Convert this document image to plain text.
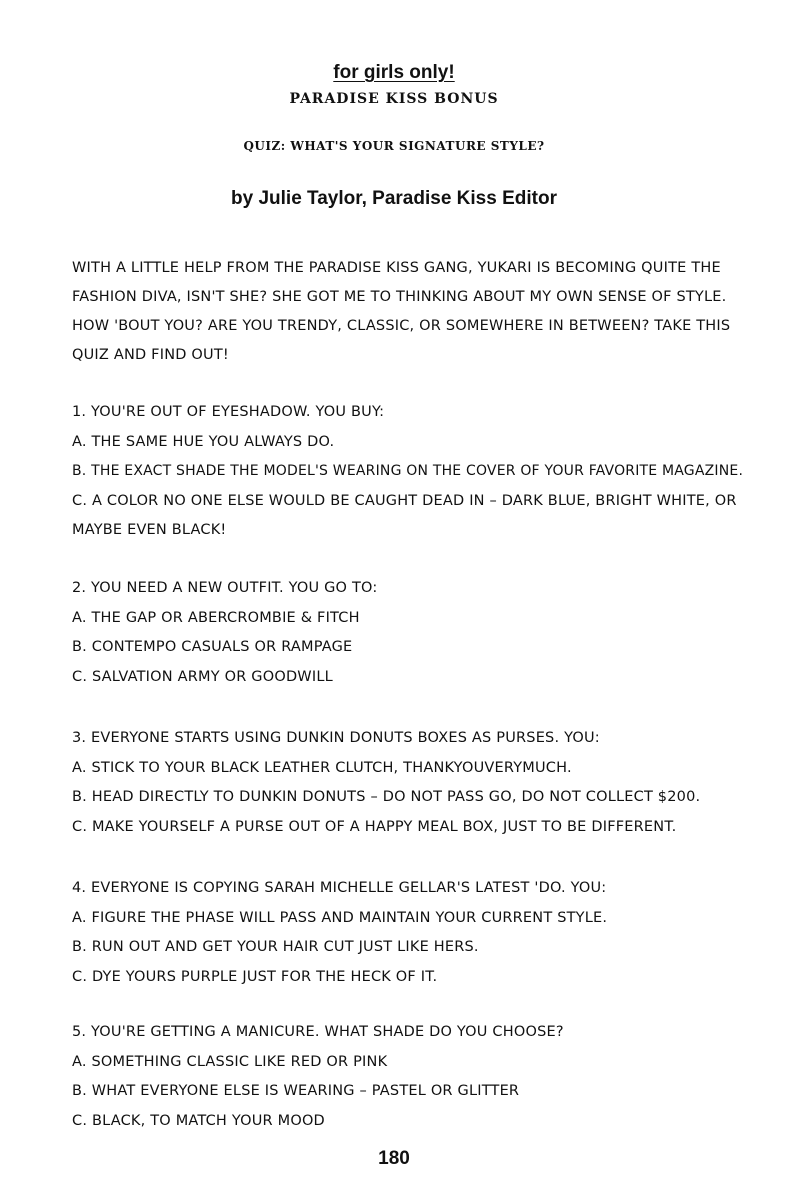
for girls only!
PARADISE KISS BONUS
QUIZ: WHAT'S YOUR SIGNATURE STYLE?
by Julie Taylor, Paradise Kiss Editor
WITH A LITTLE HELP FROM THE PARADISE KISS GANG, YUKARI IS BECOMING QUITE THE
FASHION DIVA, ISN'T SHE? SHE GOT ME TO THINKING ABOUT MY OWN SENSE OF STYLE.
HOW 'BOUT YOU? ARE YOU TRENDY, CLASSIC, OR SOMEWHERE IN BETWEEN? TAKE THIS
QUIZ AND FIND OUT!
1. YOU'RE OUT OF EYESHADOW. YOU BUY:
A. THE SAME HUE YOU ALWAYS DO.
B. THE EXACT SHADE THE MODEL'S WEARING ON THE COVER OF YOUR FAVORITE MAGAZINE.
C. A COLOR NO ONE ELSE WOULD BE CAUGHT DEAD IN – DARK BLUE, BRIGHT WHITE, OR
MAYBE EVEN BLACK!
2. YOU NEED A NEW OUTFIT. YOU GO TO:
A. THE GAP OR ABERCROMBIE & FITCH
B. CONTEMPO CASUALS OR RAMPAGE
C. SALVATION ARMY OR GOODWILL
3. EVERYONE STARTS USING DUNKIN DONUTS BOXES AS PURSES. YOU:
A. STICK TO YOUR BLACK LEATHER CLUTCH, THANKYOUVERYMUCH.
B. HEAD DIRECTLY TO DUNKIN DONUTS – DO NOT PASS GO, DO NOT COLLECT $200.
C. MAKE YOURSELF A PURSE OUT OF A HAPPY MEAL BOX, JUST TO BE DIFFERENT.
4. EVERYONE IS COPYING SARAH MICHELLE GELLAR'S LATEST 'DO. YOU:
A. FIGURE THE PHASE WILL PASS AND MAINTAIN YOUR CURRENT STYLE.
B. RUN OUT AND GET YOUR HAIR CUT JUST LIKE HERS.
C. DYE YOURS PURPLE JUST FOR THE HECK OF IT.
5. YOU'RE GETTING A MANICURE. WHAT SHADE DO YOU CHOOSE?
A. SOMETHING CLASSIC LIKE RED OR PINK
B. WHAT EVERYONE ELSE IS WEARING – PASTEL OR GLITTER
C. BLACK, TO MATCH YOUR MOOD
180
